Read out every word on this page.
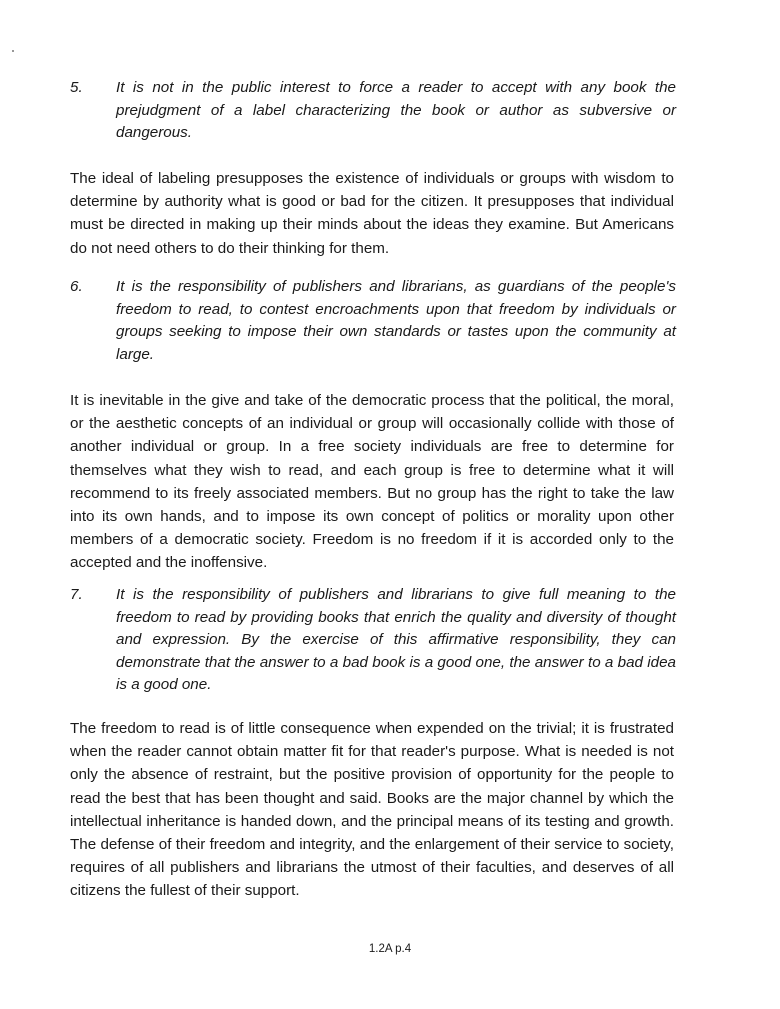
5.	It is not in the public interest to force a reader to accept with any book the prejudgment of a label characterizing the book or author as subversive or dangerous.
The ideal of labeling presupposes the existence of individuals or groups with wisdom to determine by authority what is good or bad for the citizen. It presupposes that individual must be directed in making up their minds about the ideas they examine. But Americans do not need others to do their thinking for them.
6.	It is the responsibility of publishers and librarians, as guardians of the people's freedom to read, to contest encroachments upon that freedom by individuals or groups seeking to impose their own standards or tastes upon the community at large.
It is inevitable in the give and take of the democratic process that the political, the moral, or the aesthetic concepts of an individual or group will occasionally collide with those of another individual or group. In a free society individuals are free to determine for themselves what they wish to read, and each group is free to determine what it will recommend to its freely associated members. But no group has the right to take the law into its own hands, and to impose its own concept of politics or morality upon other members of a democratic society. Freedom is no freedom if it is accorded only to the accepted and the inoffensive.
7.	It is the responsibility of publishers and librarians to give full meaning to the freedom to read by providing books that enrich the quality and diversity of thought and expression. By the exercise of this affirmative responsibility, they can demonstrate that the answer to a bad book is a good one, the answer to a bad idea is a good one.
The freedom to read is of little consequence when expended on the trivial; it is frustrated when the reader cannot obtain matter fit for that reader's purpose. What is needed is not only the absence of restraint, but the positive provision of opportunity for the people to read the best that has been thought and said. Books are the major channel by which the intellectual inheritance is handed down, and the principal means of its testing and growth. The defense of their freedom and integrity, and the enlargement of their service to society, requires of all publishers and librarians the utmost of their faculties, and deserves of all citizens the fullest of their support.
1.2A p.4
